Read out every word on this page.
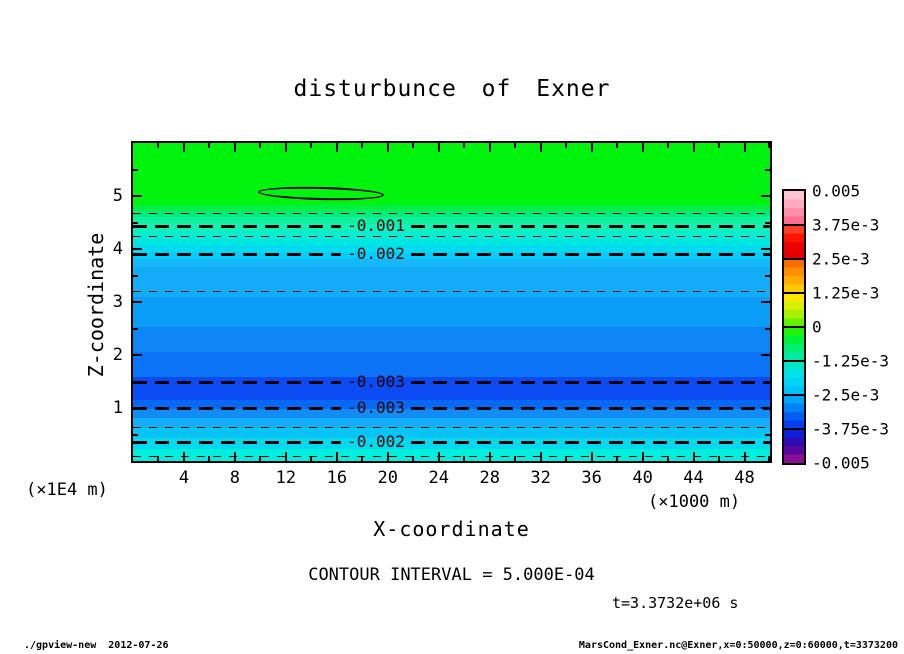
disturbunce of Exner
-0.001
-0.002
-0.003
-0.003
-0.002
4	8	12	16	20	24	28	32	36	40	44	48
5
4
3
2
1
Z-coordinate
X-coordinate
(×1E4 m)
(×1000 m)
0.005
3.75e-3
2.5e-3
1.25e-3
0
-1.25e-3
-2.5e-3
-3.75e-3
-0.005
CONTOUR INTERVAL = 5.000E-04
t=3.3732e+06 s
./gpview-new  2012-07-26	MarsCond_Exner.nc@Exner,x=0:50000,z=0:60000,t=3373200
